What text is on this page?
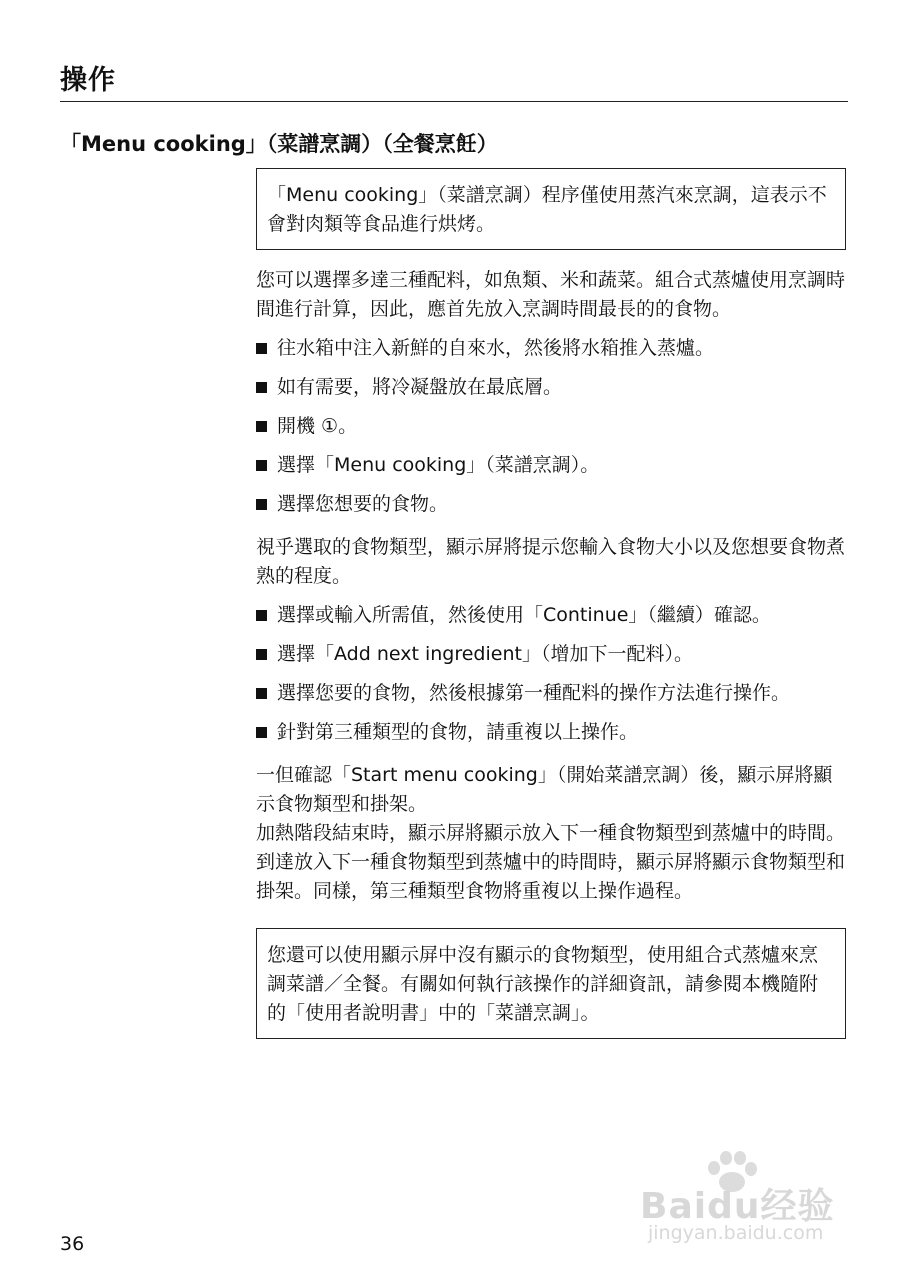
操作
「Menu cooking」（菜譜烹調）（全餐烹飪）

「Menu cooking」（菜譜烹調）程序僅使用蒸汽來烹調，這表示不會對肉類等食品進行烘烤。

您可以選擇多達三種配料，如魚類、米和蔬菜。組合式蒸爐使用烹調時間進行計算，因此，應首先放入烹調時間最長的的食物。

往水箱中注入新鮮的自來水，然後將水箱推入蒸爐。
如有需要，將冷凝盤放在最底層。
開機 ①。
選擇「Menu cooking」（菜譜烹調）。
選擇您想要的食物。

視乎選取的食物類型，顯示屏將提示您輸入食物大小以及您想要食物煮熟的程度。

選擇或輸入所需值，然後使用「Continue」（繼續）確認。
選擇「Add next ingredient」（增加下一配料）。
選擇您要的食物，然後根據第一種配料的操作方法進行操作。
針對第三種類型的食物，請重複以上操作。

一但確認「Start menu cooking」（開始菜譜烹調）後，顯示屏將顯示食物類型和掛架。

加熱階段結束時，顯示屏將顯示放入下一種食物類型到蒸爐中的時間。到達放入下一種食物類型到蒸爐中的時間時，顯示屏將顯示食物類型和掛架。同樣，第三種類型食物將重複以上操作過程。

您還可以使用顯示屏中沒有顯示的食物類型，使用組合式蒸爐來烹調菜譜／全餐。有關如何執行該操作的詳細資訊，請參閱本機隨附的「使用者說明書」中的「菜譜烹調」。

36

Baidu经验
jingyan.baidu.com
